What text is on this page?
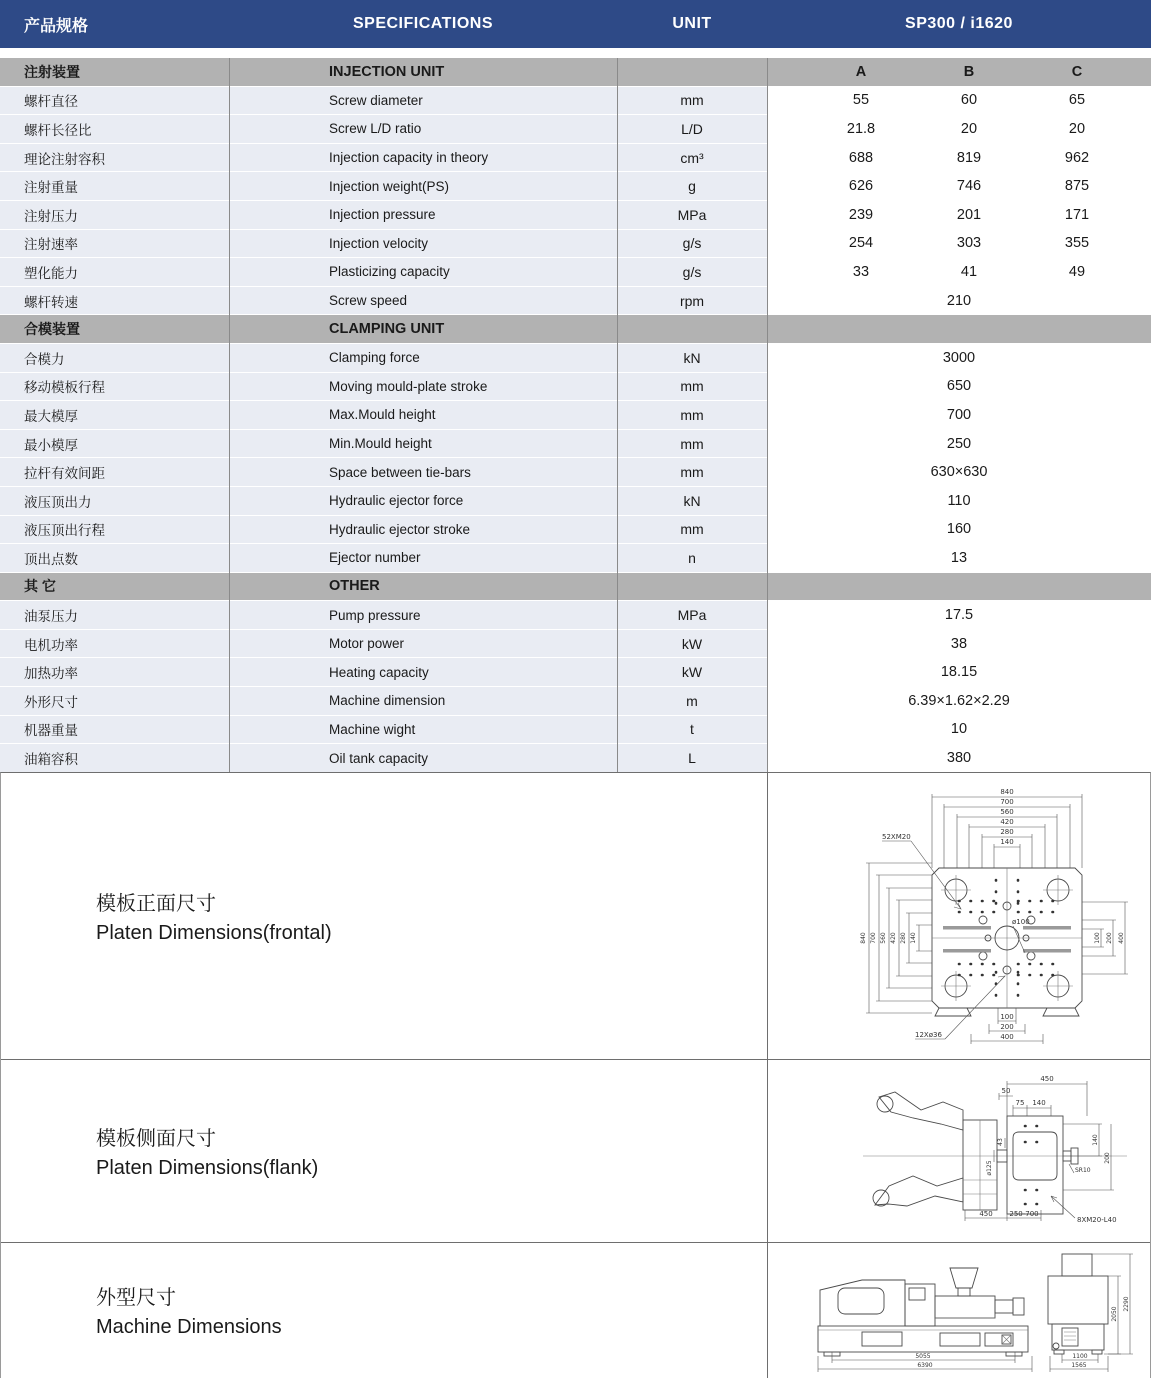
产品规格	SPECIFICATIONS	UNIT	SP300 / i1620
注射装置	INJECTION UNIT	A	B	C
螺杆直径	Screw diameter	mm	55	60	65
螺杆长径比	Screw L/D ratio	L/D	21.8	20	20
理论注射容积	Injection capacity in theory	cm³	688	819	962
注射重量	Injection weight(PS)	g	626	746	875
注射压力	Injection pressure	MPa	239	201	171
注射速率	Injection velocity	g/s	254	303	355
塑化能力	Plasticizing capacity	g/s	33	41	49
螺杆转速	Screw speed	rpm	210
合模装置	CLAMPING UNIT
合模力	Clamping force	kN	3000
移动模板行程	Moving mould-plate stroke	mm	650
最大模厚	Max.Mould height	mm	700
最小模厚	Min.Mould height	mm	250
拉杆有效间距	Space between tie-bars	mm	630×630
液压顶出力	Hydraulic ejector force	kN	110
液压顶出行程	Hydraulic ejector stroke	mm	160
顶出点数	Ejector number	n	13
其 它	OTHER
油泵压力	Pump pressure	MPa	17.5
电机功率	Motor power	kW	38
加热功率	Heating capacity	kW	18.15
外形尺寸	Machine dimension	m	6.39×1.62×2.29
机器重量	Machine wight	t	10
油箱容积	Oil tank capacity	L	380
模板正面尺寸
Platen Dimensions(frontal)
840
700
560
420
280
140
840 700 560 420 280 140	100 200 400
100
200
400
52XM20
ø100
12Xø36
模板侧面尺寸
Platen Dimensions(flank)
450
50
75 140
140
200
ø125
43
SR10
450 250-700
8XM20-L40
外型尺寸
Machine Dimensions
5055
6390
1100
1565
2050
2290
